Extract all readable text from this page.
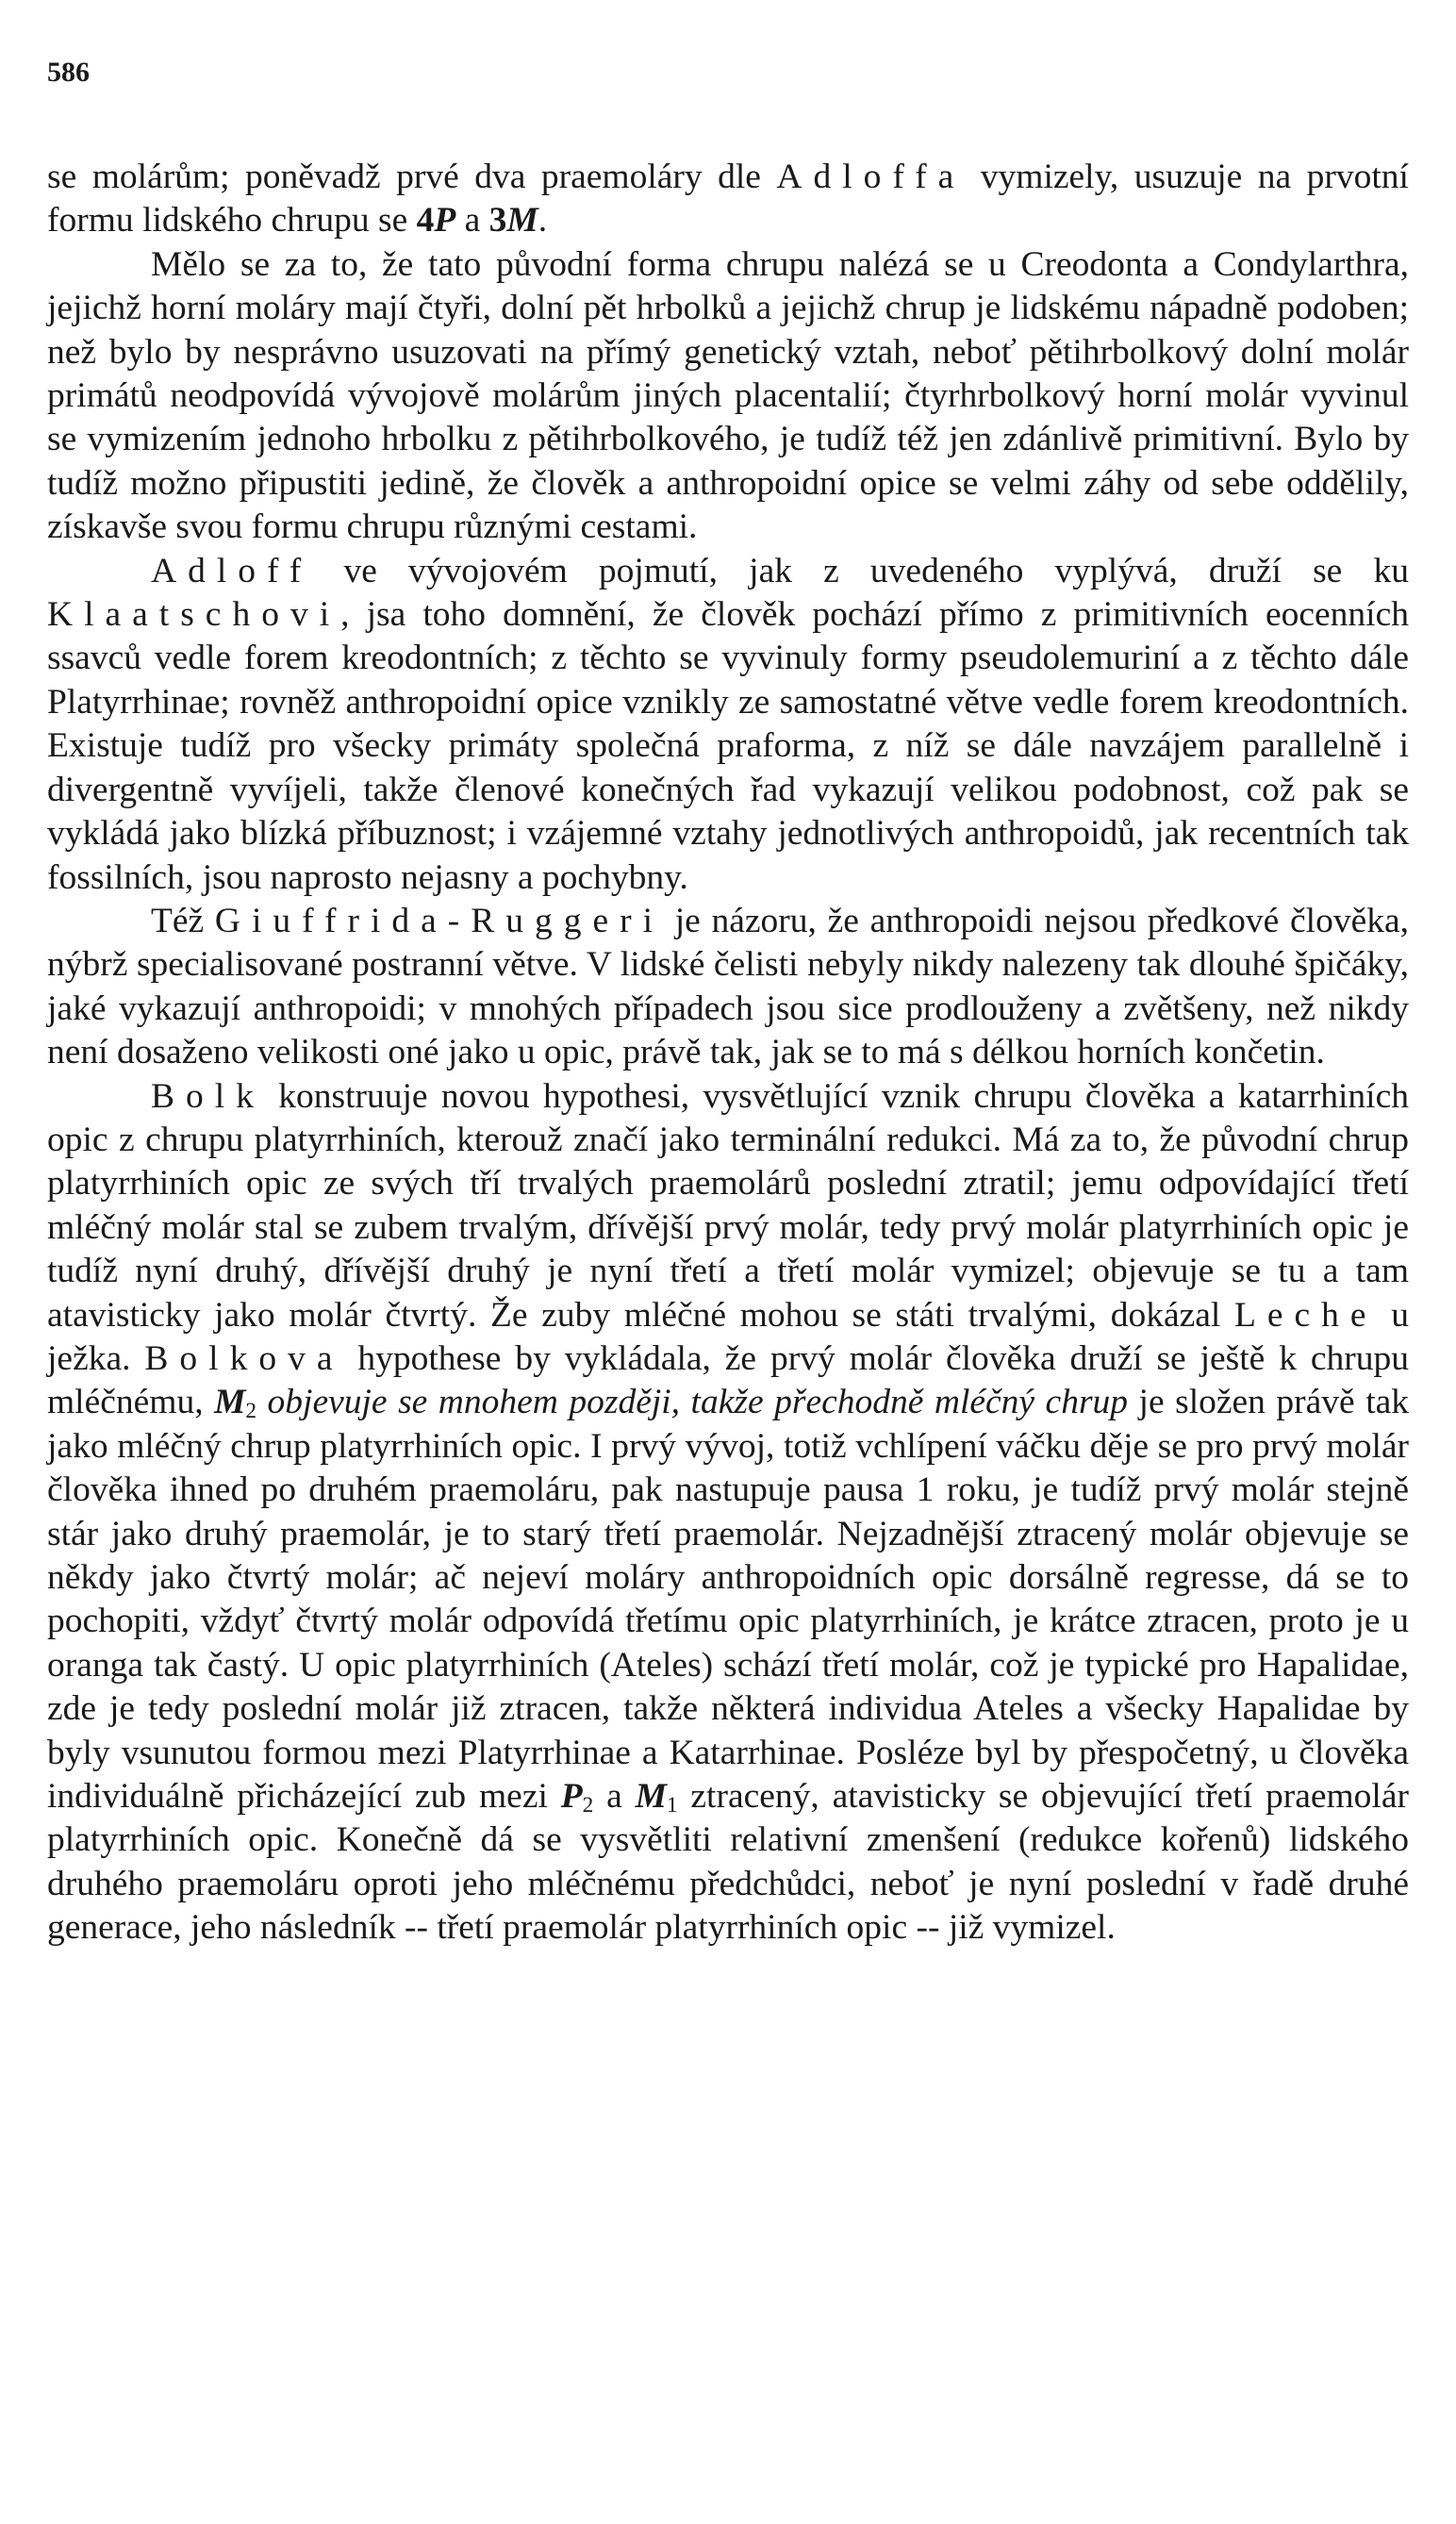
586

se molárům; poněvadž prvé dva praemoláry dle Adloffa vymizely, usuzuje na prvotní formu lidského chrupu se 4P a 3M.

Mělo se za to, že tato původní forma chrupu nalézá se u Creodonta a Condylarthra, jejichž horní moláry mají čtyři, dolní pět hrbolků a jejichž chrup je lidskému nápadně podoben; než bylo by nesprávno usuzovati na přímý genetický vztah, neboť pětihrbolkový dolní molár primátů neodpovídá vývojově molárům jiných placentalií; čtyrhrbolkový horní molár vyvinul se vymizením jednoho hrbolku z pětihrbolkového, je tudíž též jen zdánlivě primitivní. Bylo by tudíž možno připustiti jedině, že člověk a anthropoidní opice se velmi záhy od sebe oddělily, získavše svou formu chrupu různými cestami.

Adloff ve vývojovém pojmutí, jak z uvedeného vyplývá, druží se ku Klaatschovi, jsa toho domnění, že člověk pochází přímo z primitivních eocenních ssavců vedle forem kreodontních; z těchto se vyvinuly formy pseudolemuriní a z těchto dále Platyrrhinae; rovněž anthropoidní opice vznikly ze samostatné větve vedle forem kreodontních. Existuje tudíž pro všecky primáty společná praforma, z níž se dále navzájem parallelně i divergentně vyvíjeli, takže členové konečných řad vykazují velikou podobnost, což pak se vykládá jako blízká příbuznost; i vzájemné vztahy jednotlivých anthropoidů, jak recentních tak fossilních, jsou naprosto nejasny a pochybny.

Též Giuffrida-Ruggeri je názoru, že anthropoidi nejsou předkové člověka, nýbrž specialisované postranní větve. V lidské čelisti nebyly nikdy nalezeny tak dlouhé špičáky, jaké vykazují anthropoidi; v mnohých případech jsou sice prodlouženy a zvětšeny, než nikdy není dosaženo velikosti oné jako u opic, právě tak, jak se to má s délkou horních končetin.

Bolk konstruuje novou hypothesi, vysvětlující vznik chrupu člověka a katarrhiních opic z chrupu platyrrhiních, kterouž značí jako terminální redukci. Má za to, že původní chrup platyrrhiních opic ze svých tří trvalých praemolárů poslední ztratil; jemu odpovídající třetí mléčný molár stal se zubem trvalým, dřívější prvý molár, tedy prvý molár platyrrhiních opic je tudíž nyní druhý, dřívější druhý je nyní třetí a třetí molár vymizel; objevuje se tu a tam atavisticky jako molár čtvrtý. Že zuby mléčné mohou se státi trvalými, dokázal Leche u ježka. Bolkova hypothese by vykládala, že prvý molár člověka druží se ještě k chrupu mléčnému, $M_2$ objevuje se mnohem později, takže přechodně mléčný chrup je složen právě tak jako mléčný chrup platyrrhiních opic. I prvý vývoj, totiž vchlípení váčku děje se pro prvý molár člověka ihned po druhém praemoláru, pak nastupuje pausa 1 roku, je tudíž prvý molár stejně stár jako druhý praemolár, je to starý třetí praemolár. Nejzadnější ztracený molár objevuje se někdy jako čtvrtý molár; ač nejeví moláry anthropoidních opic dorsálně regresse, dá se to pochopiti, vždyť čtvrtý molár odpovídá třetímu opic platyrrhiních, je krátce ztracen, proto je u oranga tak častý. U opic platyrrhiních (Ateles) schází třetí molár, což je typické pro Hapalidae, zde je tedy poslední molár již ztracen, takže některá individua Ateles a všecky Hapalidae by byly vsunutou formou mezi Platyrrhinae a Katarrhinae. Posléze byl by přespočetný, u člověka individuálně přicházející zub mezi $P_2$ a $M_1$ ztracený, atavisticky se objevující třetí praemolár platyrrhiních opic. Konečně dá se vysvětliti relativní zmenšení (redukce kořenů) lidského druhého praemoláru oproti jeho mléčnému předchůdci, neboť je nyní poslední v řadě druhé generace, jeho následník -- třetí praemolár platyrrhiních opic -- již vymizel.
